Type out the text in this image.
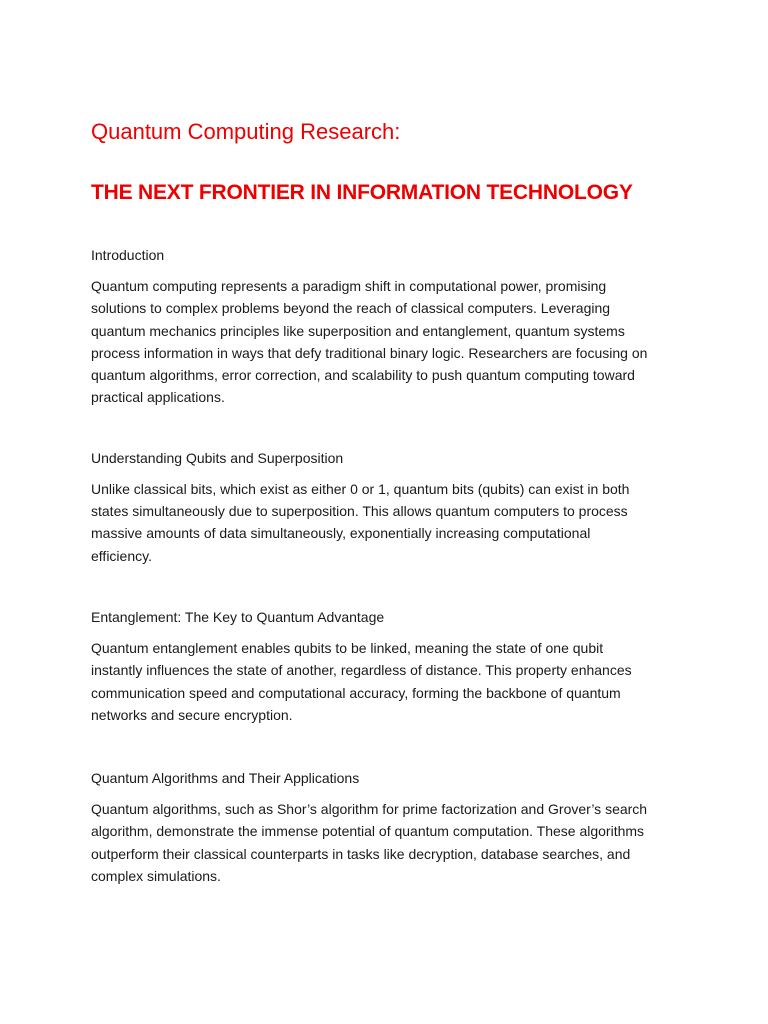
Quantum Computing Research:
THE NEXT FRONTIER IN INFORMATION TECHNOLOGY

Introduction

Quantum computing represents a paradigm shift in computational power, promising
solutions to complex problems beyond the reach of classical computers. Leveraging
quantum mechanics principles like superposition and entanglement, quantum systems
process information in ways that defy traditional binary logic. Researchers are focusing on
quantum algorithms, error correction, and scalability to push quantum computing toward
practical applications.

Understanding Qubits and Superposition

Unlike classical bits, which exist as either 0 or 1, quantum bits (qubits) can exist in both
states simultaneously due to superposition. This allows quantum computers to process
massive amounts of data simultaneously, exponentially increasing computational
efficiency.

Entanglement: The Key to Quantum Advantage

Quantum entanglement enables qubits to be linked, meaning the state of one qubit
instantly influences the state of another, regardless of distance. This property enhances
communication speed and computational accuracy, forming the backbone of quantum
networks and secure encryption.

Quantum Algorithms and Their Applications

Quantum algorithms, such as Shor’s algorithm for prime factorization and Grover’s search
algorithm, demonstrate the immense potential of quantum computation. These algorithms
outperform their classical counterparts in tasks like decryption, database searches, and
complex simulations.
